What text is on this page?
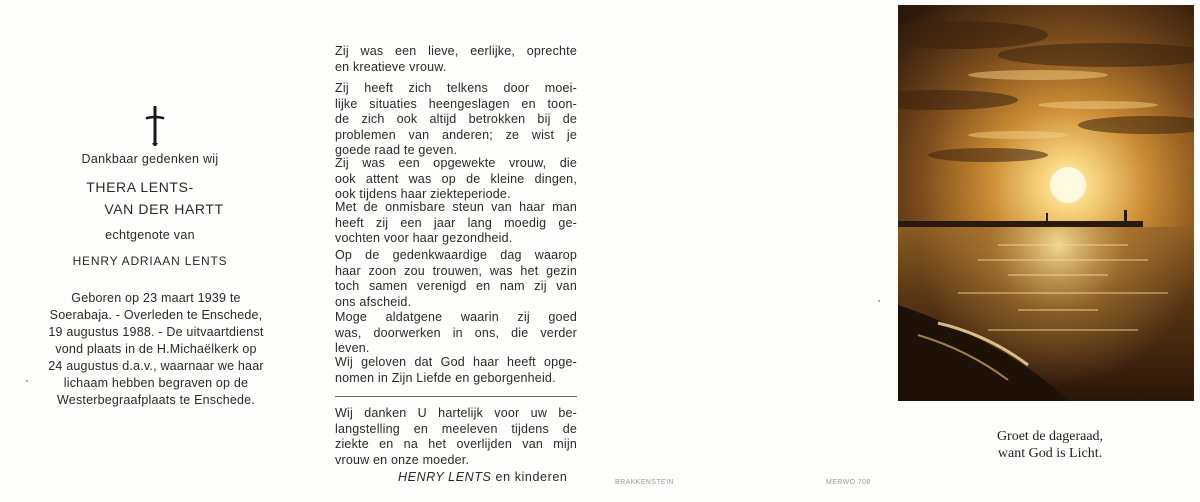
Dankbaar gedenken wij
THERA LENTS-
VAN DER HARTT
echtgenote van
HENRY ADRIAAN LENTS
Geboren op 23 maart 1939 te
Soerabaja. - Overleden te Enschede,
19 augustus 1988. - De uitvaartdienst
vond plaats in de H.Michaëlkerk op
24 augustus d.a.v., waarnaar we haar
lichaam hebben begraven op de
Westerbegraafplaats te Enschede.
Zij was een lieve, eerlijke, oprechte
en kreatieve vrouw.
Zij heeft zich telkens door moei-
lijke situaties heengeslagen en toon-
de zich ook altijd betrokken bij de
problemen van anderen; ze wist je
goede raad te geven.
Zij was een opgewekte vrouw, die
ook attent was op de kleine dingen,
ook tijdens haar ziekteperiode.
Met de onmisbare steun van haar man
heeft zij een jaar lang moedig ge-
vochten voor haar gezondheid.
Op de gedenkwaardige dag waarop
haar zoon zou trouwen, was het gezin
toch samen verenigd en nam zij van
ons afscheid.
Moge aldatgene waarin zij goed
was, doorwerken in ons, die verder
leven.
Wij geloven dat God haar heeft opge-
nomen in Zijn Liefde en geborgenheid.
Wij danken U hartelijk voor uw be-
langstelling en meeleven tijdens de
ziekte en na het overlijden van mijn
vrouw en onze moeder.
HENRY LENTS en kinderen	BRAKKENSTEIN	MERWO 708
Groet de dageraad,
want God is Licht.
